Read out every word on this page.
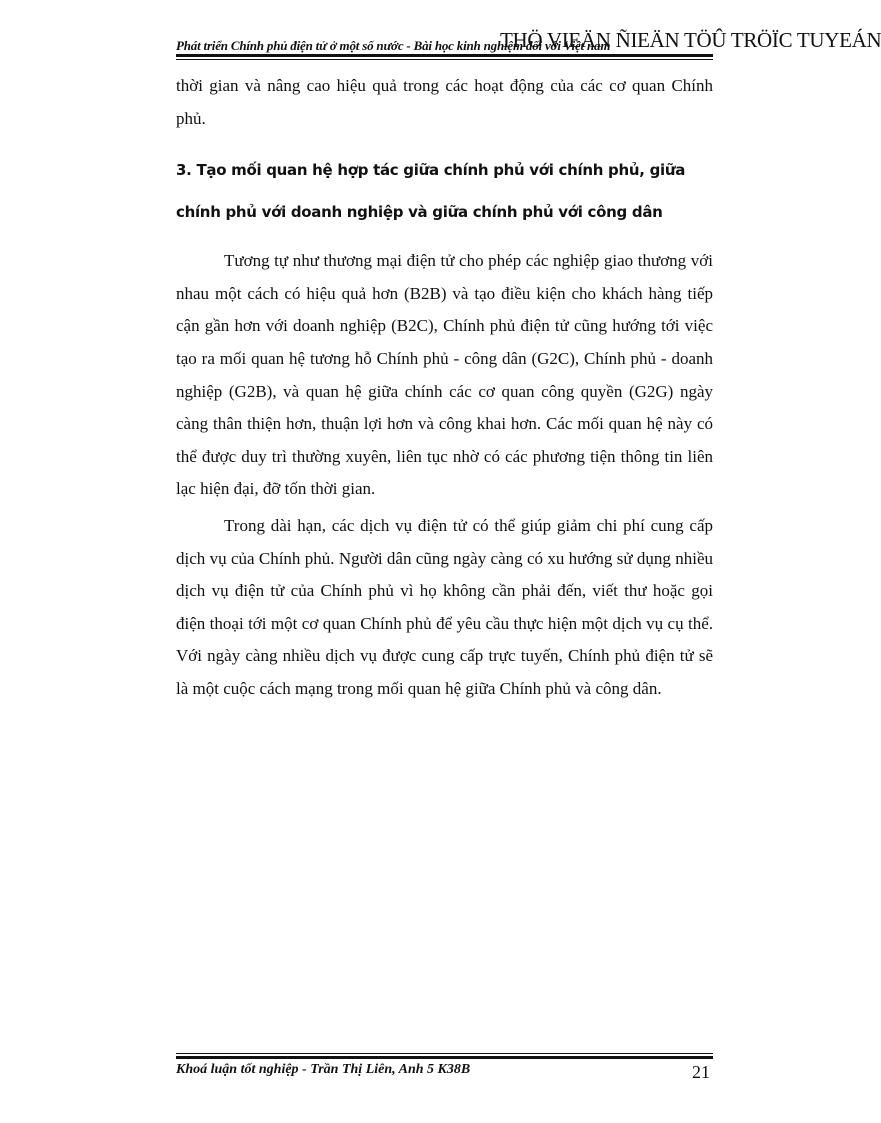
Phát triển Chính phủ điện tử ở một số nước - Bài học kinh nghiệm đối với Việt nam
THÖ VIEÄN ÑIEÄN TÖÛ TRÖÏC TUYEÁN

thời gian và nâng cao hiệu quả trong các hoạt động của các cơ quan Chính phủ.

3. Tạo mối quan hệ hợp tác giữa chính phủ với chính phủ, giữa chính phủ với doanh nghiệp và giữa chính phủ với công dân

Tương tự như thương mại điện tử cho phép các nghiệp giao thương với nhau một cách có hiệu quả hơn (B2B) và tạo điều kiện cho khách hàng tiếp cận gần hơn với doanh nghiệp (B2C), Chính phủ điện tử cũng hướng tới việc tạo ra mối quan hệ tương hỗ Chính phủ - công dân (G2C), Chính phủ - doanh nghiệp (G2B), và quan hệ giữa chính các cơ quan công quyền (G2G) ngày càng thân thiện hơn, thuận lợi hơn và công khai hơn. Các mối quan hệ này có thể được duy trì thường xuyên, liên tục nhờ có các phương tiện thông tin liên lạc hiện đại, đỡ tốn thời gian.

Trong dài hạn, các dịch vụ điện tử có thể giúp giảm chi phí cung cấp dịch vụ của Chính phủ. Người dân cũng ngày càng có xu hướng sử dụng nhiều dịch vụ điện tử của Chính phủ vì họ không cần phải đến, viết thư hoặc gọi điện thoại tới một cơ quan Chính phủ để yêu cầu thực hiện một dịch vụ cụ thể. Với ngày càng nhiều dịch vụ được cung cấp trực tuyến, Chính phủ điện tử sẽ là một cuộc cách mạng trong mối quan hệ giữa Chính phủ và công dân.

Khoá luận tốt nghiệp - Trần Thị Liên, Anh 5 K38B	21
